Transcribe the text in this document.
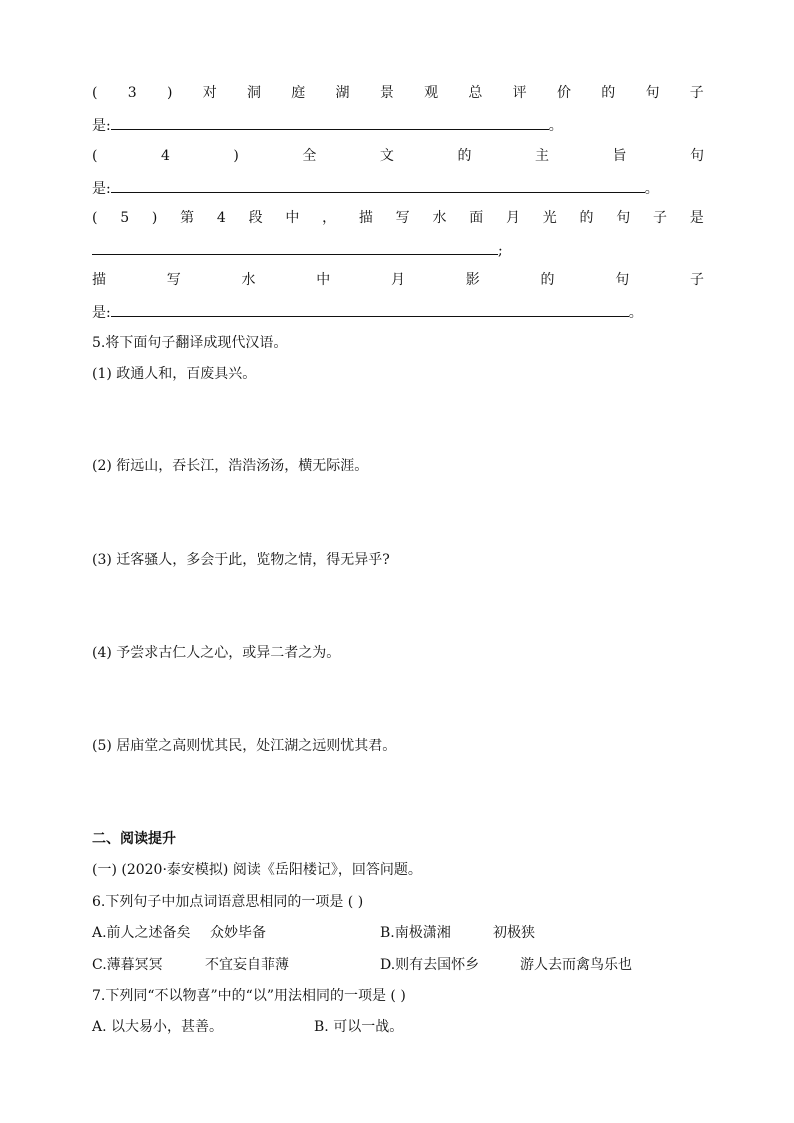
( 3 ) 对 洞 庭 湖 景 观 总 评 价 的 句 子
是:	。
(	4	)	全	文	的	主	旨	句
是:	。
( 5 ) 第 4 段 中 ， 描 写 水 面 月 光 的 句 子 是
;
描	写	水	中	月	影	的	句	子
是:	。
5.将下面句子翻译成现代汉语。
(1) 政通人和，百废具兴。
(2) 衔远山，吞长江，浩浩汤汤，横无际涯。
(3) 迁客骚人，多会于此，览物之情，得无异乎?
(4) 予尝求古仁人之心，或异二者之为。
(5) 居庙堂之高则忧其民，处江湖之远则忧其君。
二、阅读提升
(一) (2020·泰安模拟) 阅读《岳阳楼记》，回答问题。
6.下列句子中加点词语意思相同的一项是 ( )
A.前人之述备矣 众妙毕备	B.南极潇湘	初极狭
C.薄暮冥冥	不宜妄自菲薄	D.则有去国怀乡	游人去而禽鸟乐也
7.下列同“不以物喜”中的“以”用法相同的一项是 ( )
A. 以大易小，甚善。	B. 可以一战。
